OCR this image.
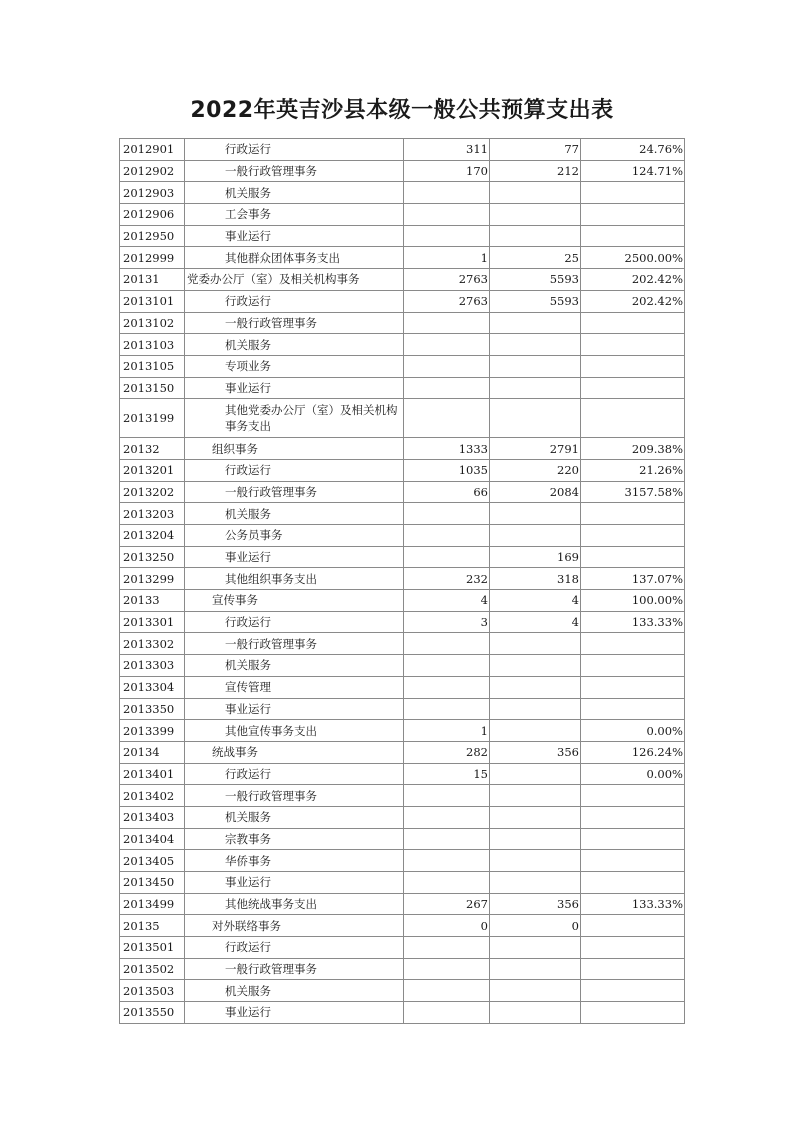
2022年英吉沙县本级一般公共预算支出表
2012901	行政运行	311	77	24.76%
2012902	一般行政管理事务	170	212	124.71%
2012903	机关服务			
2012906	工会事务			
2012950	事业运行			
2012999	其他群众团体事务支出	1	25	2500.00%
20131	党委办公厅（室）及相关机构事务	2763	5593	202.42%
2013101	行政运行	2763	5593	202.42%
2013102	一般行政管理事务			
2013103	机关服务			
2013105	专项业务			
2013150	事业运行			
2013199	其他党委办公厅（室）及相关机构 事务支出			
20132	组织事务	1333	2791	209.38%
2013201	行政运行	1035	220	21.26%
2013202	一般行政管理事务	66	2084	3157.58%
2013203	机关服务			
2013204	公务员事务			
2013250	事业运行		169	
2013299	其他组织事务支出	232	318	137.07%
20133	宣传事务	4	4	100.00%
2013301	行政运行	3	4	133.33%
2013302	一般行政管理事务			
2013303	机关服务			
2013304	宣传管理			
2013350	事业运行			
2013399	其他宣传事务支出	1		0.00%
20134	统战事务	282	356	126.24%
2013401	行政运行	15		0.00%
2013402	一般行政管理事务			
2013403	机关服务			
2013404	宗教事务			
2013405	华侨事务			
2013450	事业运行			
2013499	其他统战事务支出	267	356	133.33%
20135	对外联络事务	0	0	
2013501	行政运行			
2013502	一般行政管理事务			
2013503	机关服务			
2013550	事业运行			
